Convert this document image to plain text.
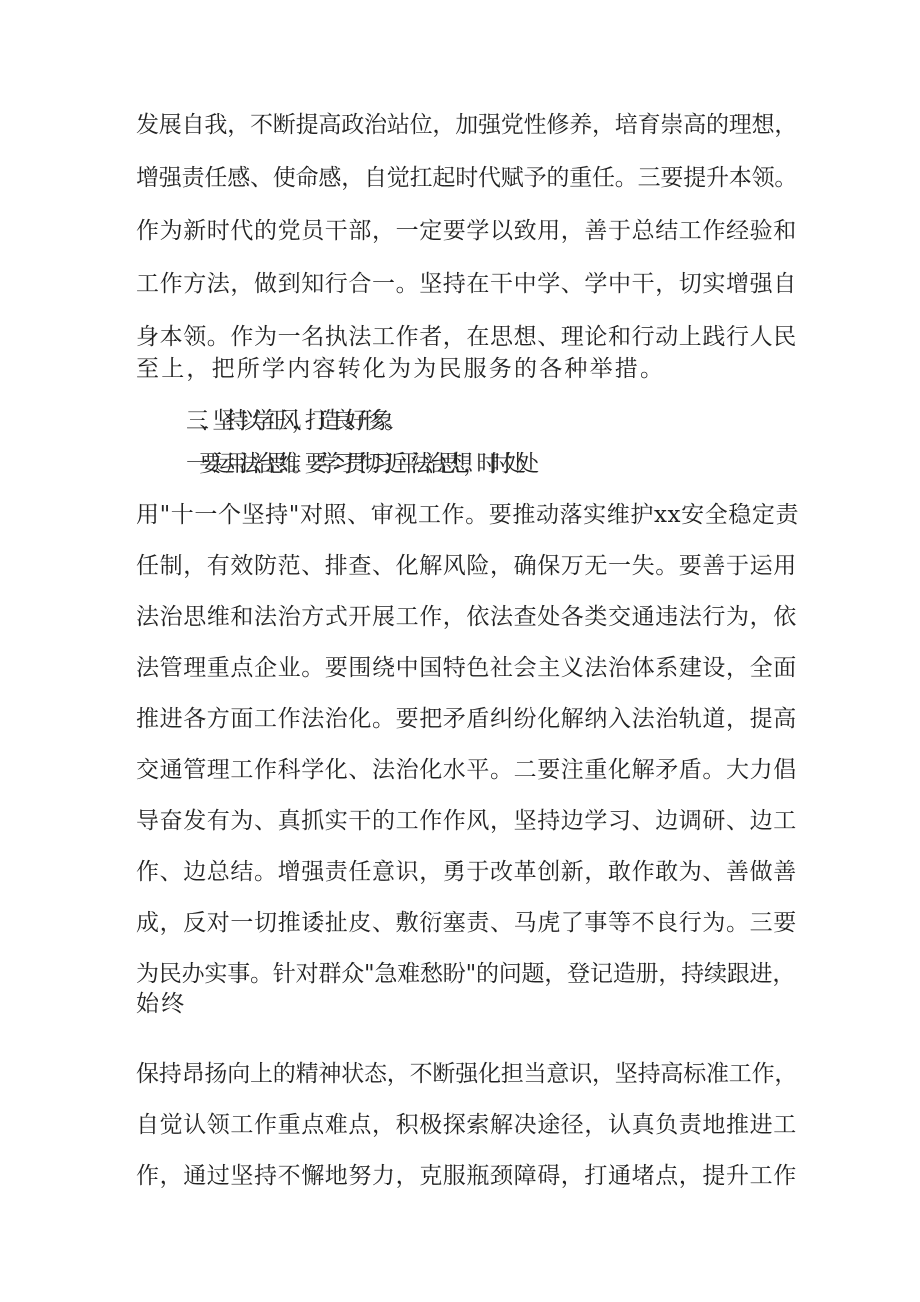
发展自我，不断提高政治站位，加强党性修养，培育崇高的理想，
增强责任感、使命感，自觉扛起时代赋予的重任。三要提升本领。
作为新时代的党员干部，一定要学以致用，善于总结工作经验和
工作方法，做到知行合一。坚持在干中学、学中干，切实增强自
身本领。作为一名执法工作者，在思想、理论和行动上践行人民
至上，把所学内容转化为为民服务的各种举措。
三、坚持以学正风，打造良好形象。
一要运用法治思维。要学习贯彻习近平法治思想，时时处处
用"十一个坚持"对照、审视工作。要推动落实维护xx安全稳定责
任制，有效防范、排查、化解风险，确保万无一失。要善于运用
法治思维和法治方式开展工作，依法查处各类交通违法行为，依
法管理重点企业。要围绕中国特色社会主义法治体系建设，全面
推进各方面工作法治化。要把矛盾纠纷化解纳入法治轨道，提高
交通管理工作科学化、法治化水平。二要注重化解矛盾。大力倡
导奋发有为、真抓实干的工作作风，坚持边学习、边调研、边工
作、边总结。增强责任意识，勇于改革创新，敢作敢为、善做善
成，反对一切推诿扯皮、敷衍塞责、马虎了事等不良行为。三要
为民办实事。针对群众"急难愁盼"的问题，登记造册，持续跟进，
始终
保持昂扬向上的精神状态，不断强化担当意识，坚持高标准工作，
自觉认领工作重点难点，积极探索解决途径，认真负责地推进工
作，通过坚持不懈地努力，克服瓶颈障碍，打通堵点，提升工作
